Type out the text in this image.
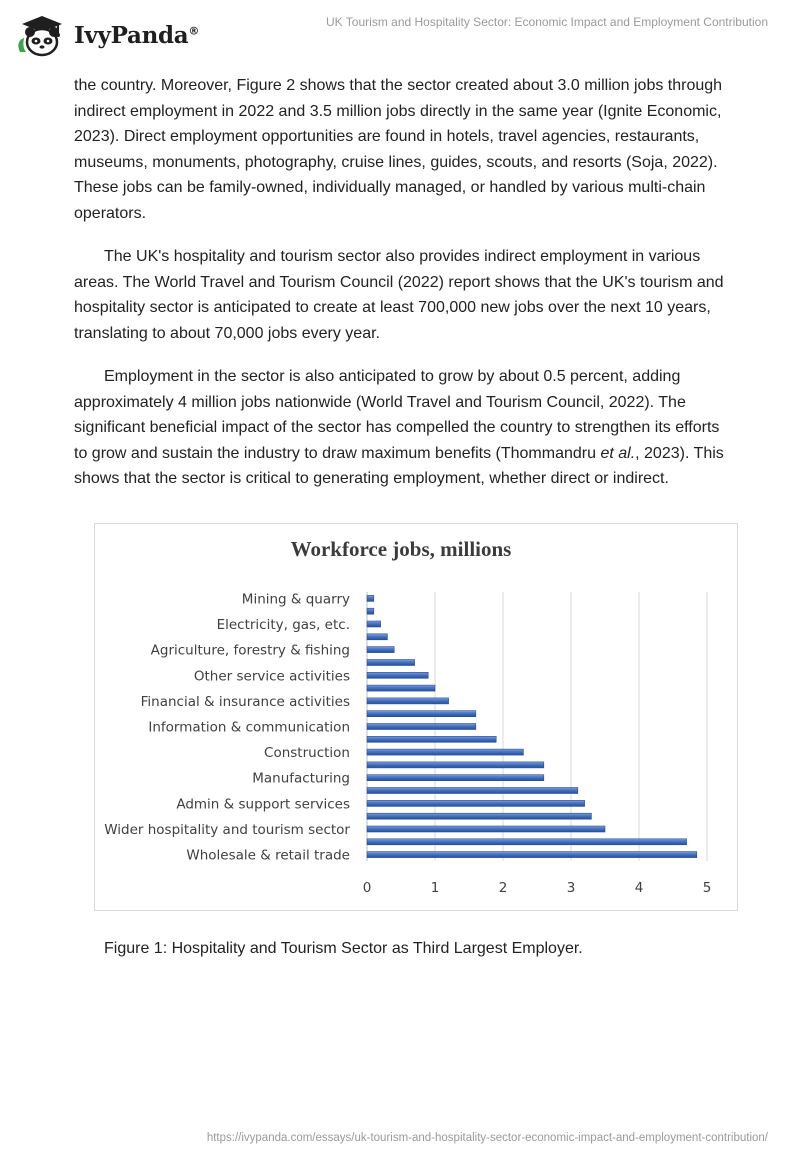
IvyPanda®
UK Tourism and Hospitality Sector: Economic Impact and Employment Contribution

the country. Moreover, Figure 2 shows that the sector created about 3.0 million jobs through indirect employment in 2022 and 3.5 million jobs directly in the same year (Ignite Economic, 2023). Direct employment opportunities are found in hotels, travel agencies, restaurants, museums, monuments, photography, cruise lines, guides, scouts, and resorts (Soja, 2022). These jobs can be family-owned, individually managed, or handled by various multi-chain operators.

The UK's hospitality and tourism sector also provides indirect employment in various areas. The World Travel and Tourism Council (2022) report shows that the UK's tourism and hospitality sector is anticipated to create at least 700,000 new jobs over the next 10 years, translating to about 70,000 jobs every year.

Employment in the sector is also anticipated to grow by about 0.5 percent, adding approximately 4 million jobs nationwide (World Travel and Tourism Council, 2022). The significant beneficial impact of the sector has compelled the country to strengthen its efforts to grow and sustain the industry to draw maximum benefits (Thommandru et al., 2023). This shows that the sector is critical to generating employment, whether direct or indirect.

Workforce jobs, millions
Mining & quarry
Electricity, gas, etc.
Agriculture, forestry & fishing
Other service activities
Financial & insurance activities
Information & communication
Construction
Manufacturing
Admin & support services
Wider hospitality and tourism sector
Wholesale & retail trade
0	1	2	3	4	5
Figure 1: Hospitality and Tourism Sector as Third Largest Employer.
https://ivypanda.com/essays/uk-tourism-and-hospitality-sector-economic-impact-and-employment-contribution/
